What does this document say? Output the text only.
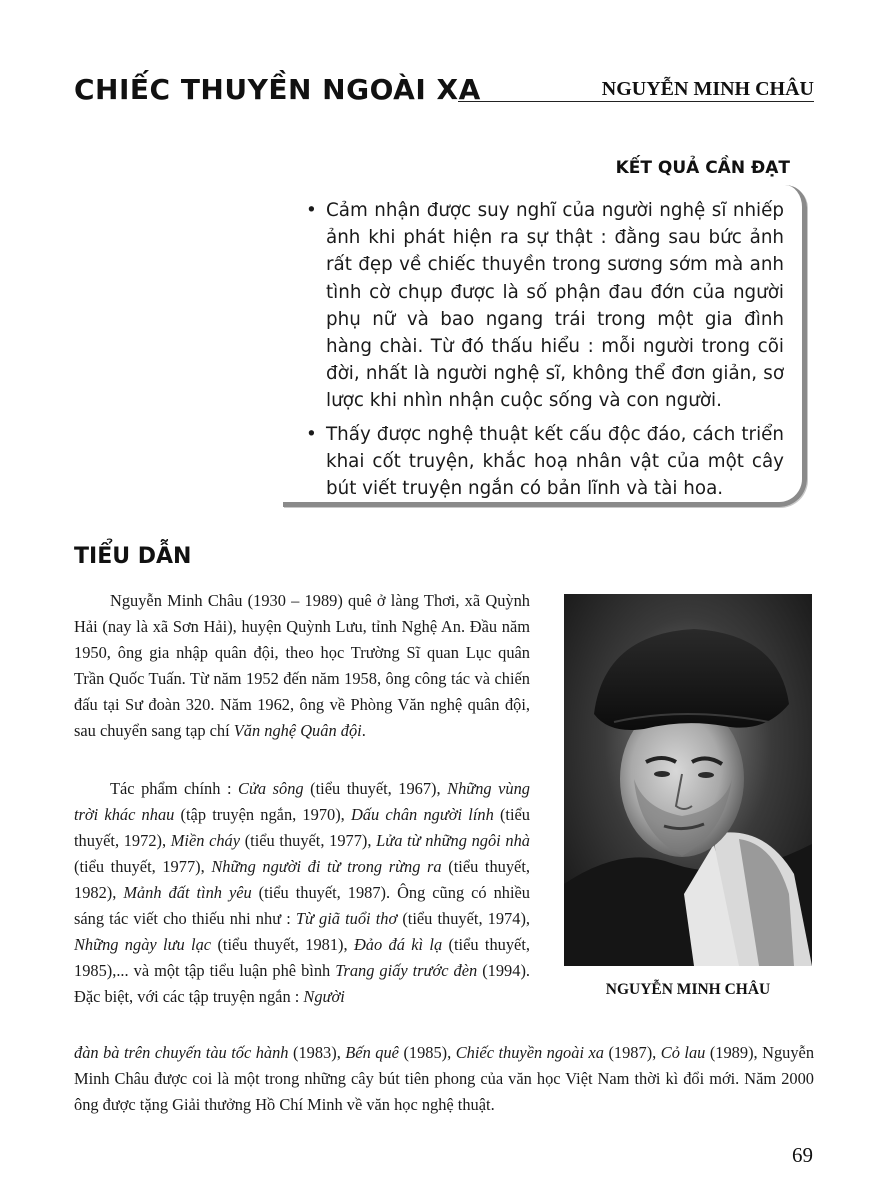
CHIẾC THUYỀN NGOÀI XA	NGUYỄN MINH CHÂU
KẾT QUẢ CẦN ĐẠT
• Cảm nhận được suy nghĩ của người nghệ sĩ nhiếp ảnh khi phát hiện ra sự thật : đằng sau bức ảnh rất đẹp về chiếc thuyền trong sương sớm mà anh tình cờ chụp được là số phận đau đớn của người phụ nữ và bao ngang trái trong một gia đình hàng chài. Từ đó thấu hiểu : mỗi người trong cõi đời, nhất là người nghệ sĩ, không thể đơn giản, sơ lược khi nhìn nhận cuộc sống và con người.
• Thấy được nghệ thuật kết cấu độc đáo, cách triển khai cốt truyện, khắc hoạ nhân vật của một cây bút viết truyện ngắn có bản lĩnh và tài hoa.
TIỂU DẪN

Nguyễn Minh Châu (1930 – 1989) quê ở làng Thơi, xã Quỳnh Hải (nay là xã Sơn Hải), huyện Quỳnh Lưu, tỉnh Nghệ An. Đầu năm 1950, ông gia nhập quân đội, theo học Trường Sĩ quan Lục quân Trần Quốc Tuấn. Từ năm 1952 đến năm 1958, ông công tác và chiến đấu tại Sư đoàn 320. Năm 1962, ông về Phòng Văn nghệ quân đội, sau chuyển sang tạp chí Văn nghệ Quân đội.

Tác phẩm chính : Cửa sông (tiểu thuyết, 1967), Những vùng trời khác nhau (tập truyện ngắn, 1970), Dấu chân người lính (tiểu thuyết, 1972), Miền cháy (tiểu thuyết, 1977), Lửa từ những ngôi nhà (tiểu thuyết, 1977), Những người đi từ trong rừng ra (tiểu thuyết, 1982), Mảnh đất tình yêu (tiểu thuyết, 1987). Ông cũng có nhiều sáng tác viết cho thiếu nhi như : Từ giã tuổi thơ (tiểu thuyết, 1974), Những ngày lưu lạc (tiểu thuyết, 1981), Đảo đá kì lạ (tiểu thuyết, 1985),... và một tập tiểu luận phê bình Trang giấy trước đèn (1994). Đặc biệt, với các tập truyện ngắn : Người

đàn bà trên chuyến tàu tốc hành (1983), Bến quê (1985), Chiếc thuyền ngoài xa (1987), Cỏ lau (1989), Nguyễn Minh Châu được coi là một trong những cây bút tiên phong của văn học Việt Nam thời kì đổi mới. Năm 2000 ông được tặng Giải thưởng Hồ Chí Minh về văn học nghệ thuật.

NGUYỄN MINH CHÂU
69
